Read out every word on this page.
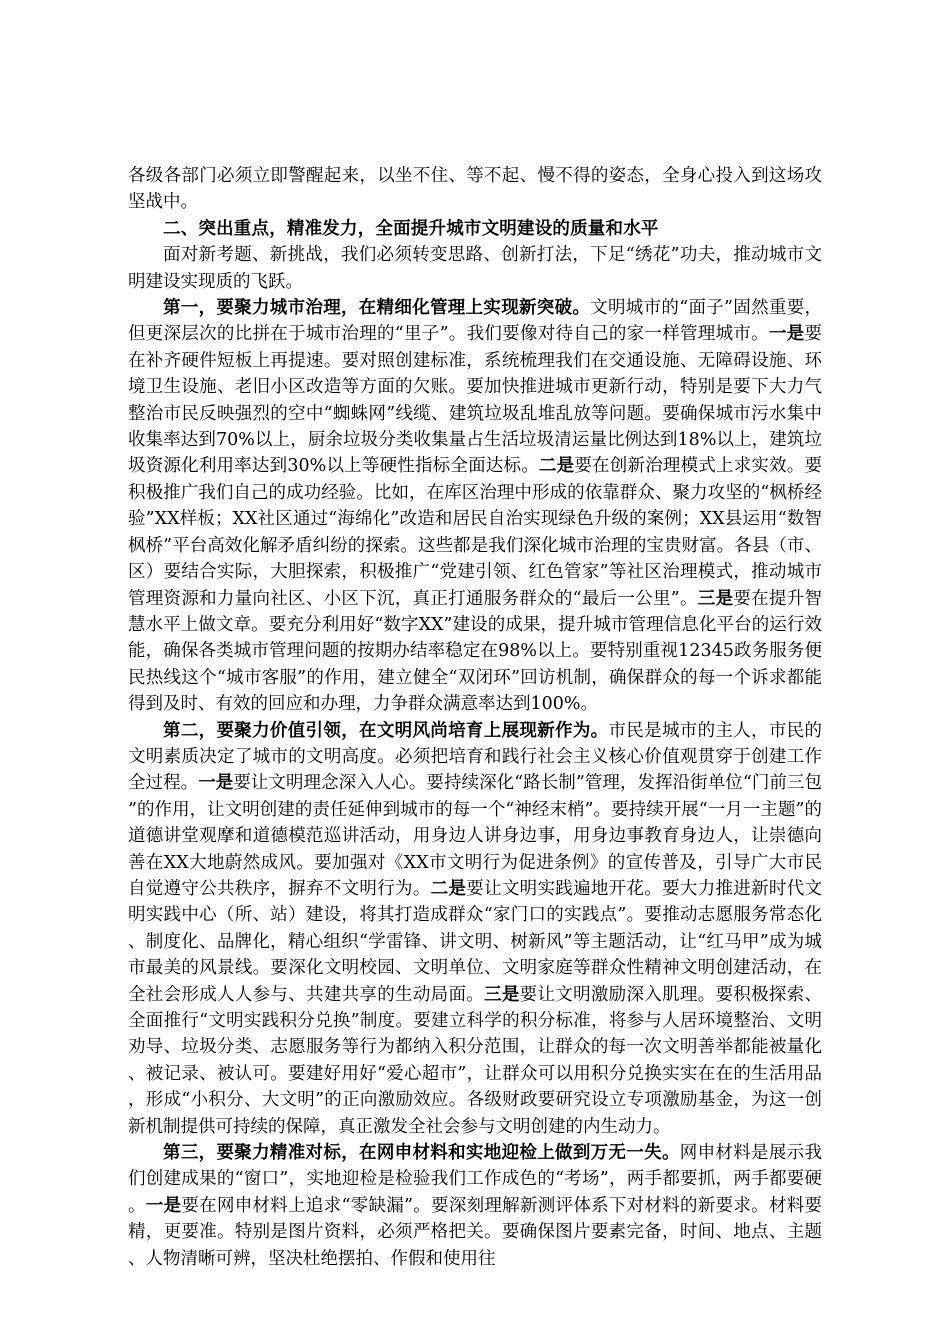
各级各部门必须立即警醒起来，以坐不住、等不起、慢不得的姿态，全身心投入到这场攻坚战中。

二、突出重点，精准发力，全面提升城市文明建设的质量和水平

面对新考题、新挑战，我们必须转变思路、创新打法，下足“绣花”功夫，推动城市文明建设实现质的飞跃。

第一，要聚力城市治理，在精细化管理上实现新突破。文明城市的“面子”固然重要，但更深层次的比拼在于城市治理的“里子”。我们要像对待自己的家一样管理城市。一是要在补齐硬件短板上再提速。要对照创建标准，系统梳理我们在交通设施、无障碍设施、环境卫生设施、老旧小区改造等方面的欠账。要加快推进城市更新行动，特别是要下大力气整治市民反映强烈的空中“蜘蛛网”线缆、建筑垃圾乱堆乱放等问题。要确保城市污水集中收集率达到70%以上，厨余垃圾分类收集量占生活垃圾清运量比例达到18%以上，建筑垃圾资源化利用率达到30%以上等硬性指标全面达标。二是要在创新治理模式上求实效。要积极推广我们自己的成功经验。比如，在库区治理中形成的依靠群众、聚力攻坚的“枫桥经验”XX样板；XX社区通过“海绵化”改造和居民自治实现绿色升级的案例；XX县运用“数智枫桥”平台高效化解矛盾纠纷的探索。这些都是我们深化城市治理的宝贵财富。各县（市、区）要结合实际，大胆探索，积极推广“党建引领、红色管家”等社区治理模式，推动城市管理资源和力量向社区、小区下沉，真正打通服务群众的“最后一公里”。三是要在提升智慧水平上做文章。要充分利用好“数字XX”建设的成果，提升城市管理信息化平台的运行效能，确保各类城市管理问题的按期办结率稳定在98%以上。要特别重视12345政务服务便民热线这个“城市客服”的作用，建立健全“双闭环”回访机制，确保群众的每一个诉求都能得到及时、有效的回应和办理，力争群众满意率达到100%。

第二，要聚力价值引领，在文明风尚培育上展现新作为。市民是城市的主人，市民的文明素质决定了城市的文明高度。必须把培育和践行社会主义核心价值观贯穿于创建工作全过程。一是要让文明理念深入人心。要持续深化“路长制”管理，发挥沿街单位“门前三包”的作用，让文明创建的责任延伸到城市的每一个“神经末梢”。要持续开展“一月一主题”的道德讲堂观摩和道德模范巡讲活动，用身边人讲身边事，用身边事教育身边人，让崇德向善在XX大地蔚然成风。要加强对《XX市文明行为促进条例》的宣传普及，引导广大市民自觉遵守公共秩序，摒弃不文明行为。二是要让文明实践遍地开花。要大力推进新时代文明实践中心（所、站）建设，将其打造成群众“家门口的实践点”。要推动志愿服务常态化、制度化、品牌化，精心组织“学雷锋、讲文明、树新风”等主题活动，让“红马甲”成为城市最美的风景线。要深化文明校园、文明单位、文明家庭等群众性精神文明创建活动，在全社会形成人人参与、共建共享的生动局面。三是要让文明激励深入肌理。要积极探索、全面推行“文明实践积分兑换”制度。要建立科学的积分标准，将参与人居环境整治、文明劝导、垃圾分类、志愿服务等行为都纳入积分范围，让群众的每一次文明善举都能被量化、被记录、被认可。要建好用好“爱心超市”，让群众可以用积分兑换实实在在的生活用品，形成“小积分、大文明”的正向激励效应。各级财政要研究设立专项激励基金，为这一创新机制提供可持续的保障，真正激发全社会参与文明创建的内生动力。

第三，要聚力精准对标，在网申材料和实地迎检上做到万无一失。网申材料是展示我们创建成果的“窗口”，实地迎检是检验我们工作成色的“考场”，两手都要抓，两手都要硬。一是要在网申材料上追求“零缺漏”。要深刻理解新测评体系下对材料的新要求。材料要精，更要准。特别是图片资料，必须严格把关。要确保图片要素完备，时间、地点、主题、人物清晰可辨，坚决杜绝摆拍、作假和使用往
